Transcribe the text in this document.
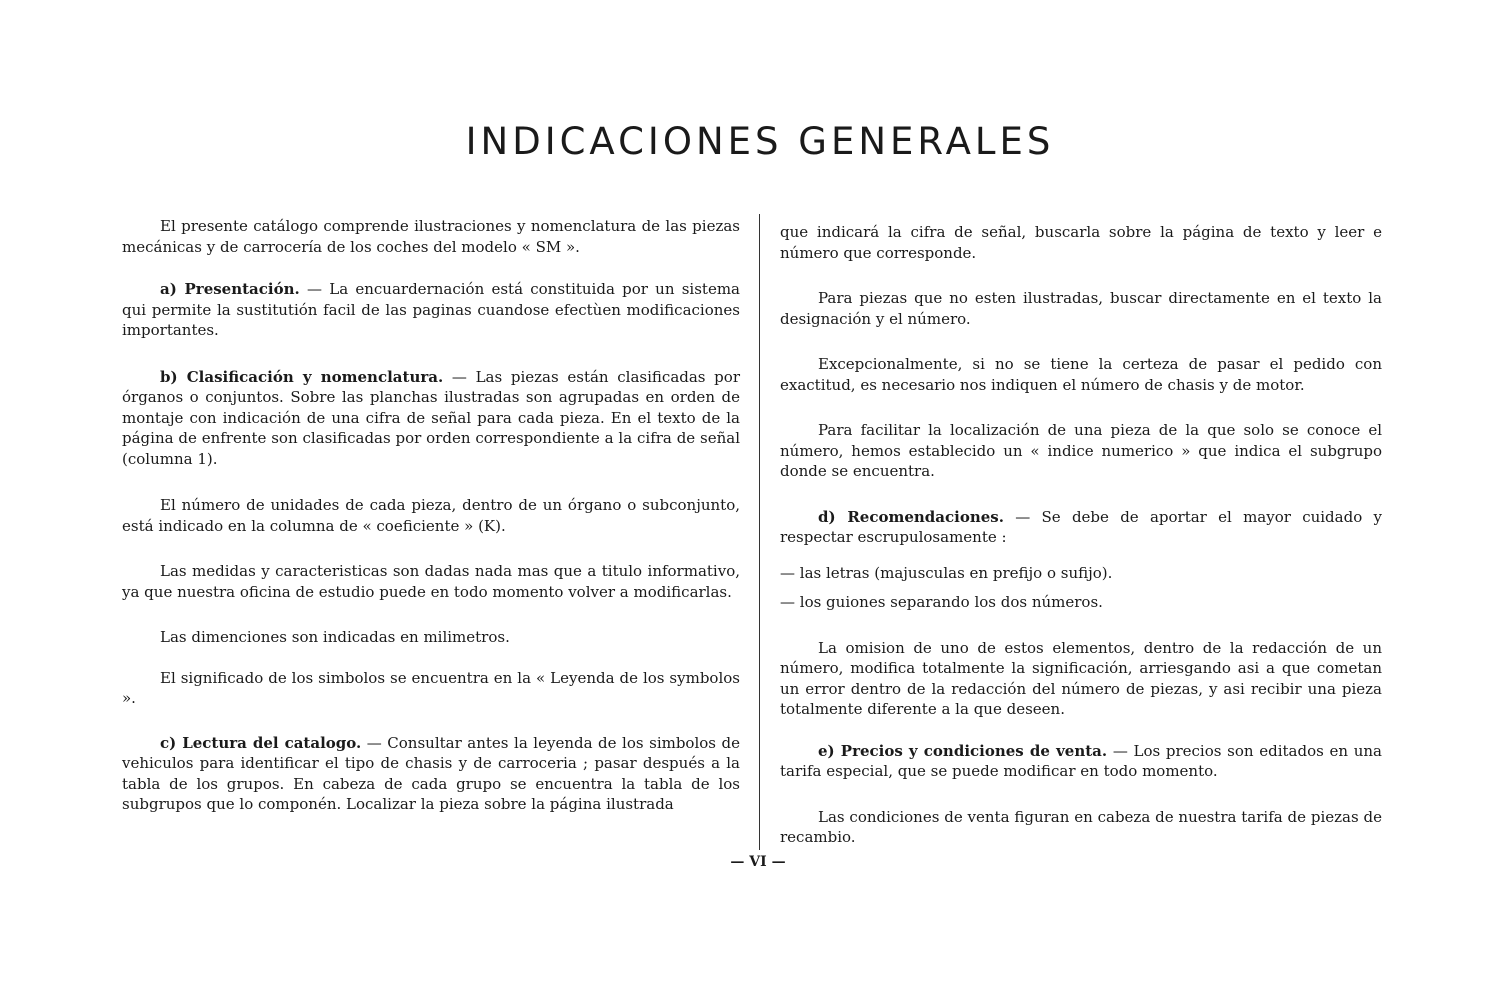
INDICACIONES GENERALES

El presente catálogo comprende ilustraciones y nomenclatura de las piezas mecánicas y de carrocería de los coches del modelo « SM ».

a) Presentación. — La encuardernación está constituida por un sistema qui permite la sustitutión facil de las paginas cuandose efectùen modificaciones importantes.

b) Clasificación y nomenclatura. — Las piezas están clasificadas por órganos o conjuntos. Sobre las planchas ilustradas son agrupadas en orden de montaje con indicación de una cifra de señal para cada pieza. En el texto de la página de enfrente son clasificadas por orden correspondiente a la cifra de señal (columna 1).

El número de unidades de cada pieza, dentro de un órgano o subconjunto, está indicado en la columna de « coeficiente » (K).

Las medidas y caracteristicas son dadas nada mas que a titulo informativo, ya que nuestra oficina de estudio puede en todo momento volver a modificarlas.

Las dimenciones son indicadas en milimetros.

El significado de los simbolos se encuentra en la « Leyenda de los symbolos ».

c) Lectura del catalogo. — Consultar antes la leyenda de los simbolos de vehiculos para identificar el tipo de chasis y de carroceria ; pasar después a la tabla de los grupos. En cabeza de cada grupo se encuentra la tabla de los subgrupos que lo componén. Localizar la pieza sobre la página ilustrada

que indicará la cifra de señal, buscarla sobre la página de texto y leer e número que corresponde.

Para piezas que no esten ilustradas, buscar directamente en el texto la designación y el número.

Excepcionalmente, si no se tiene la certeza de pasar el pedido con exactitud, es necesario nos indiquen el número de chasis y de motor.

Para facilitar la localización de una pieza de la que solo se conoce el número, hemos establecido un « indice numerico » que indica el subgrupo donde se encuentra.

d) Recomendaciones. — Se debe de aportar el mayor cuidado y respectar escrupulosamente :

— las letras (majusculas en prefijo o sufijo).

— los guiones separando los dos números.

La omision de uno de estos elementos, dentro de la redacción de un número, modifica totalmente la significación, arriesgando asi a que cometan un error dentro de la redacción del número de piezas, y asi recibir una pieza totalmente diferente a la que deseen.

e) Precios y condiciones de venta. — Los precios son editados en una tarifa especial, que se puede modificar en todo momento.

Las condiciones de venta figuran en cabeza de nuestra tarifa de piezas de recambio.

— VI —
